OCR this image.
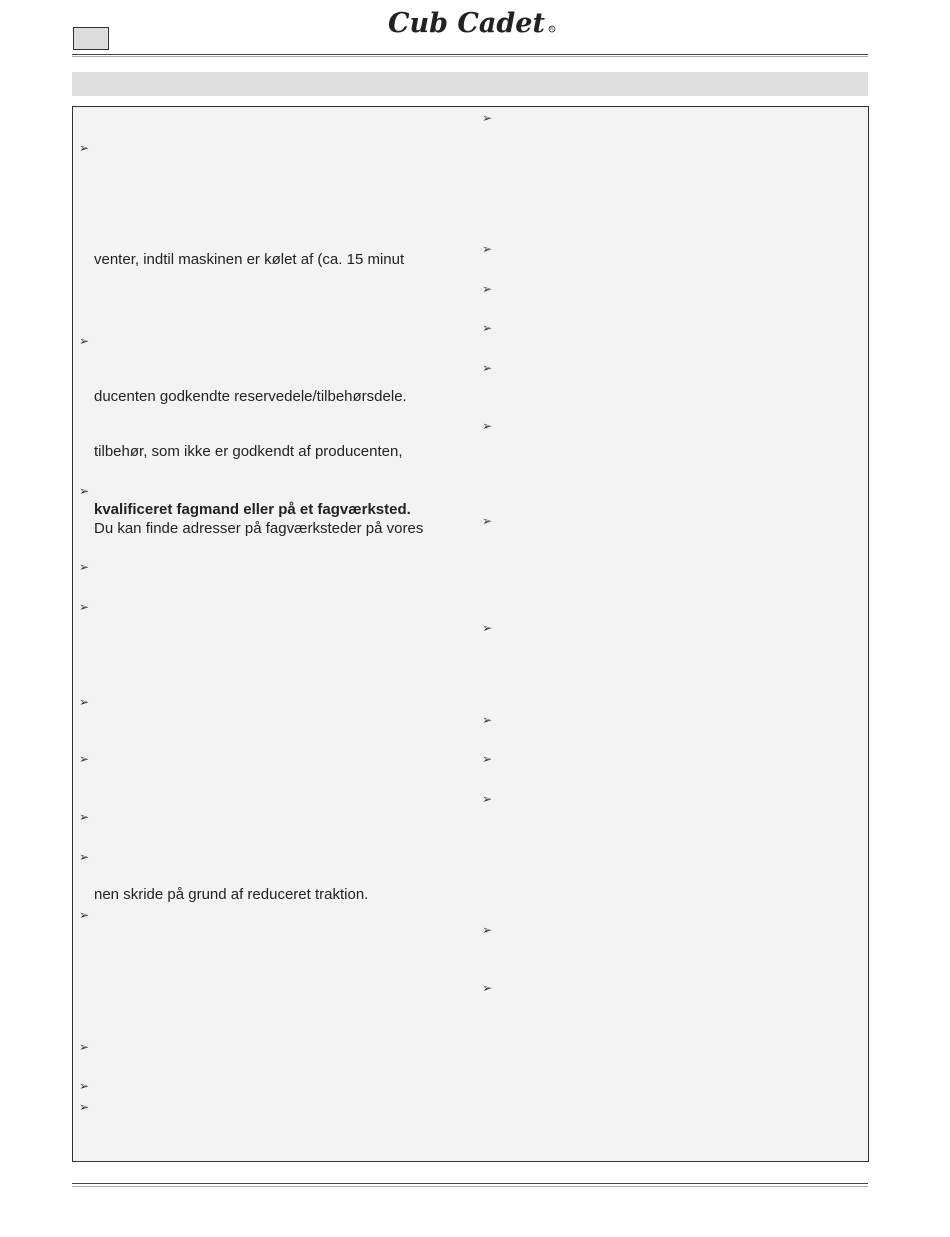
Cub Cadet R
➢
➢
➢
➢
➢
➢
➢
➢
➢
➢
➢
➢
➢
➢
➢
➢
➢
➢
➢
➢
➢
➢
➢
➢
➢
➢
venter, indtil maskinen er kølet af (ca. 15 minut
ducenten godkendte reservedele/tilbehørsdele.
tilbehør, som ikke er godkendt af producenten,
kvalificeret fagmand eller på et fagværksted.
Du kan finde adresser på fagværksteder på vores
nen skride på grund af reduceret traktion.
